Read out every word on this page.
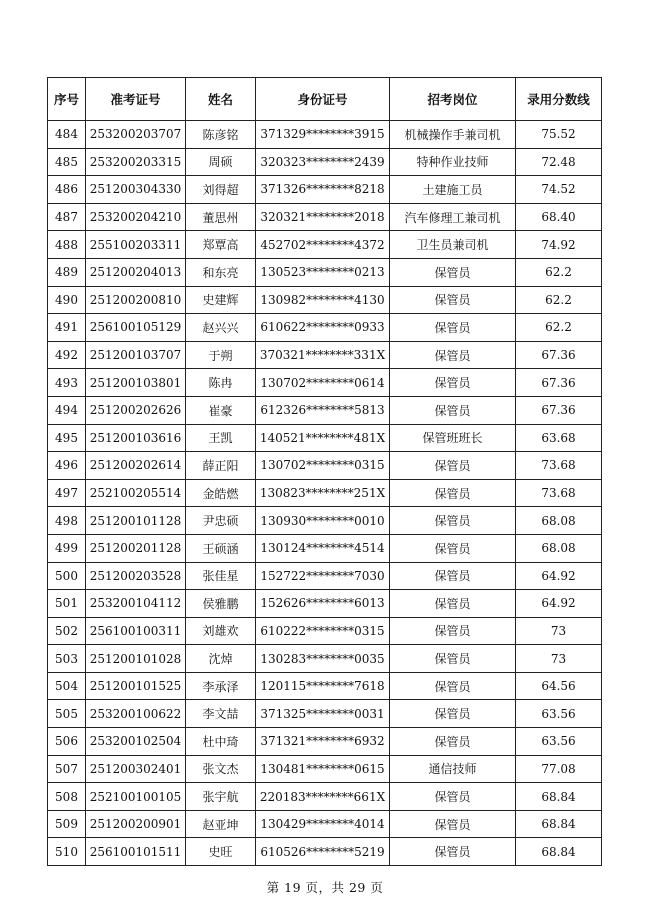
序号	准考证号	姓名	身份证号	招考岗位	录用分数线
484	253200203707	陈彦铭	371329********3915	机械操作手兼司机	75.52
485	253200203315	周硕	320323********2439	特种作业技师	72.48
486	251200304330	刘得超	371326********8218	土建施工员	74.52
487	253200204210	董思州	320321********2018	汽车修理工兼司机	68.40
488	255100203311	郑覃高	452702********4372	卫生员兼司机	74.92
489	251200204013	和东亮	130523********0213	保管员	62.2
490	251200200810	史建辉	130982********4130	保管员	62.2
491	256100105129	赵兴兴	610622********0933	保管员	62.2
492	251200103707	于朔	370321********331X	保管员	67.36
493	251200103801	陈冉	130702********0614	保管员	67.36
494	251200202626	崔豪	612326********5813	保管员	67.36
495	251200103616	王凯	140521********481X	保管班班长	63.68
496	251200202614	薛正阳	130702********0315	保管员	73.68
497	252100205514	金皓燃	130823********251X	保管员	73.68
498	251200101128	尹忠硕	130930********0010	保管员	68.08
499	251200201128	王硕涵	130124********4514	保管员	68.08
500	251200203528	张佳星	152722********7030	保管员	64.92
501	253200104112	侯雅鹏	152626********6013	保管员	64.92
502	256100100311	刘雄欢	610222********0315	保管员	73
503	251200101028	沈焯	130283********0035	保管员	73
504	251200101525	李承泽	120115********7618	保管员	64.56
505	253200100622	李文喆	371325********0031	保管员	63.56
506	253200102504	杜中琦	371321********6932	保管员	63.56
507	251200302401	张文杰	130481********0615	通信技师	77.08
508	252100100105	张宇航	220183********661X	保管员	68.84
509	251200200901	赵亚坤	130429********4014	保管员	68.84
510	256100101511	史旺	610526********5219	保管员	68.84
第 19 页，共 29 页
